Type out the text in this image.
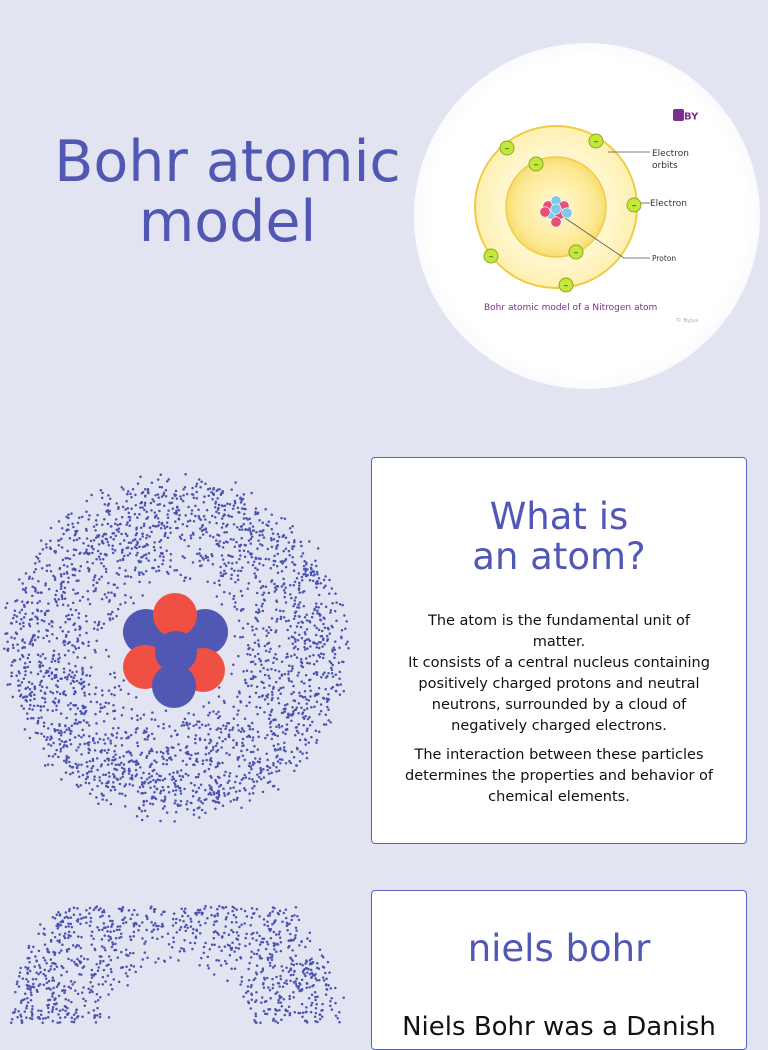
Bohr atomic
model
BY
–
–
–
–
–
–
–
Electron
orbits
Electron
Proton
Bohr atomic model of a Nitrogen atom
© Byjus
What is
an atom?

The atom is the fundamental unit of
matter.
It consists of a central nucleus containing
positively charged protons and neutral
neutrons, surrounded by a cloud of
negatively charged electrons.

The interaction between these particles
determines the properties and behavior of
chemical elements.

niels bohr

Niels Bohr was a Danish
